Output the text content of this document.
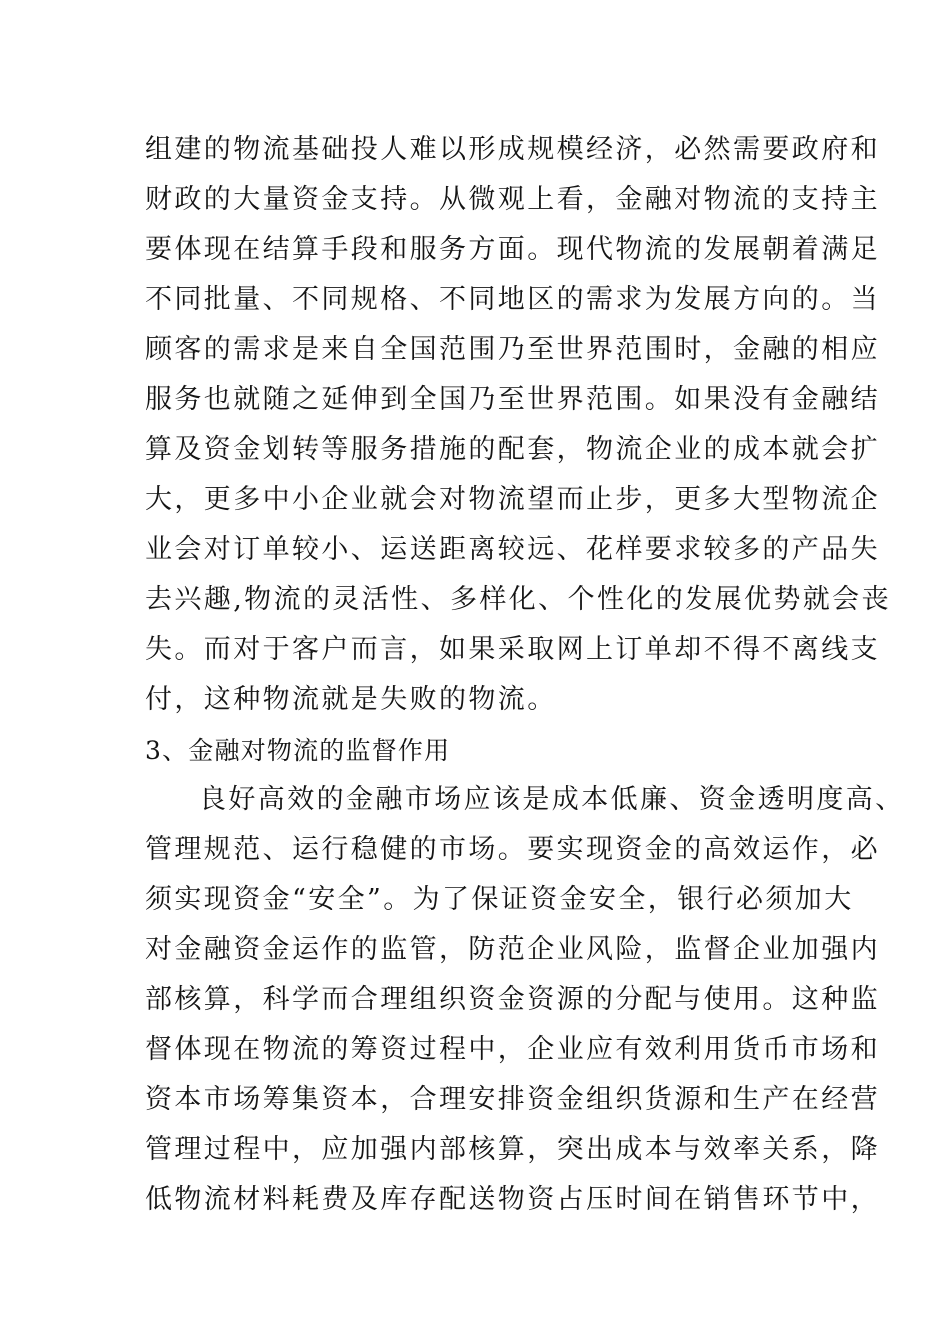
组建的物流基础投人难以形成规模经济，必然需要政府和
财政的大量资金支持。从微观上看，金融对物流的支持主
要体现在结算手段和服务方面。现代物流的发展朝着满足
不同批量、不同规格、不同地区的需求为发展方向的。当
顾客的需求是来自全国范围乃至世界范围时，金融的相应
服务也就随之延伸到全国乃至世界范围。如果没有金融结
算及资金划转等服务措施的配套，物流企业的成本就会扩
大，更多中小企业就会对物流望而止步，更多大型物流企
业会对订单较小、运送距离较远、花样要求较多的产品失
去兴趣,物流的灵活性、多样化、个性化的发展优势就会丧
失。而对于客户而言，如果采取网上订单却不得不离线支
付，这种物流就是失败的物流。
3、金融对物流的监督作用
良好高效的金融市场应该是成本低廉、资金透明度高、
管理规范、运行稳健的市场。要实现资金的高效运作，必
须实现资金“安全”。为了保证资金安全，银行必须加大
对金融资金运作的监管，防范企业风险，监督企业加强内
部核算，科学而合理组织资金资源的分配与使用。这种监
督体现在物流的筹资过程中，企业应有效利用货币市场和
资本市场筹集资本，合理安排资金组织货源和生产在经营
管理过程中，应加强内部核算，突出成本与效率关系，降
低物流材料耗费及库存配送物资占压时间在销售环节中，
